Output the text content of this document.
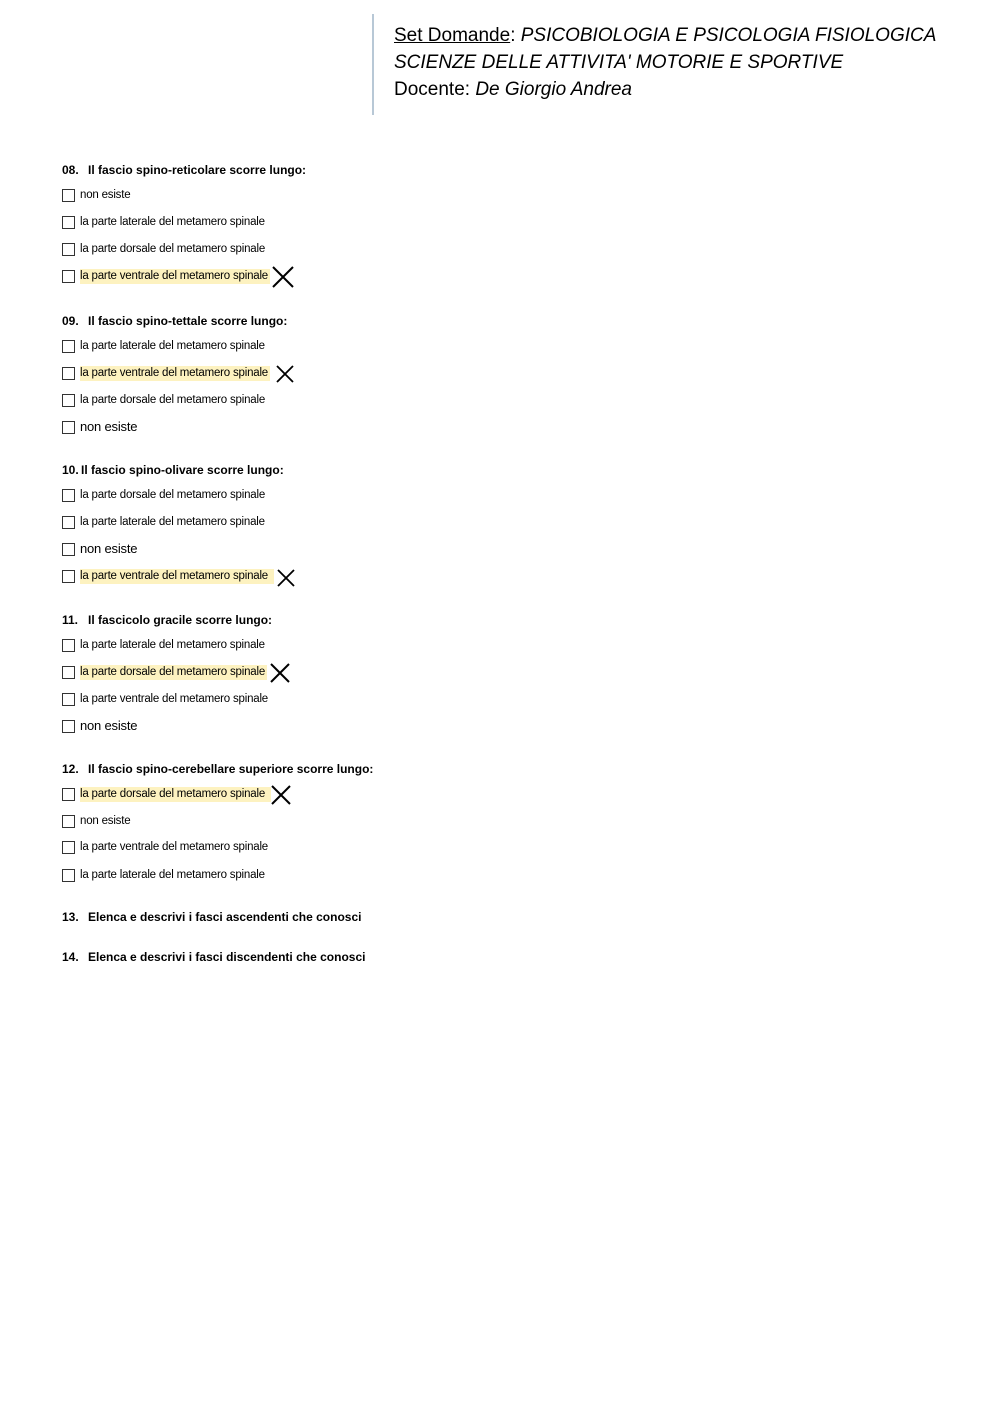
Set Domande: PSICOBIOLOGIA E PSICOLOGIA FISIOLOGICA
SCIENZE DELLE ATTIVITA' MOTORIE E SPORTIVE
Docente: De Giorgio Andrea
08. Il fascio spino-reticolare scorre lungo:
non esiste
la parte laterale del metamero spinale
la parte dorsale del metamero spinale
la parte ventrale del metamero spinale
09. Il fascio spino-tettale scorre lungo:
la parte laterale del metamero spinale
la parte ventrale del metamero spinale
la parte dorsale del metamero spinale
non esiste
10. Il fascio spino-olivare scorre lungo:
la parte dorsale del metamero spinale
la parte laterale del metamero spinale
non esiste
la parte ventrale del metamero spinale
11. Il fascicolo gracile scorre lungo:
la parte laterale del metamero spinale
la parte dorsale del metamero spinale
la parte ventrale del metamero spinale
non esiste
12. Il fascio spino-cerebellare superiore scorre lungo:
la parte dorsale del metamero spinale
non esiste
la parte ventrale del metamero spinale
la parte laterale del metamero spinale
13. Elenca e descrivi i fasci ascendenti che conosci
14. Elenca e descrivi i fasci discendenti che conosci
